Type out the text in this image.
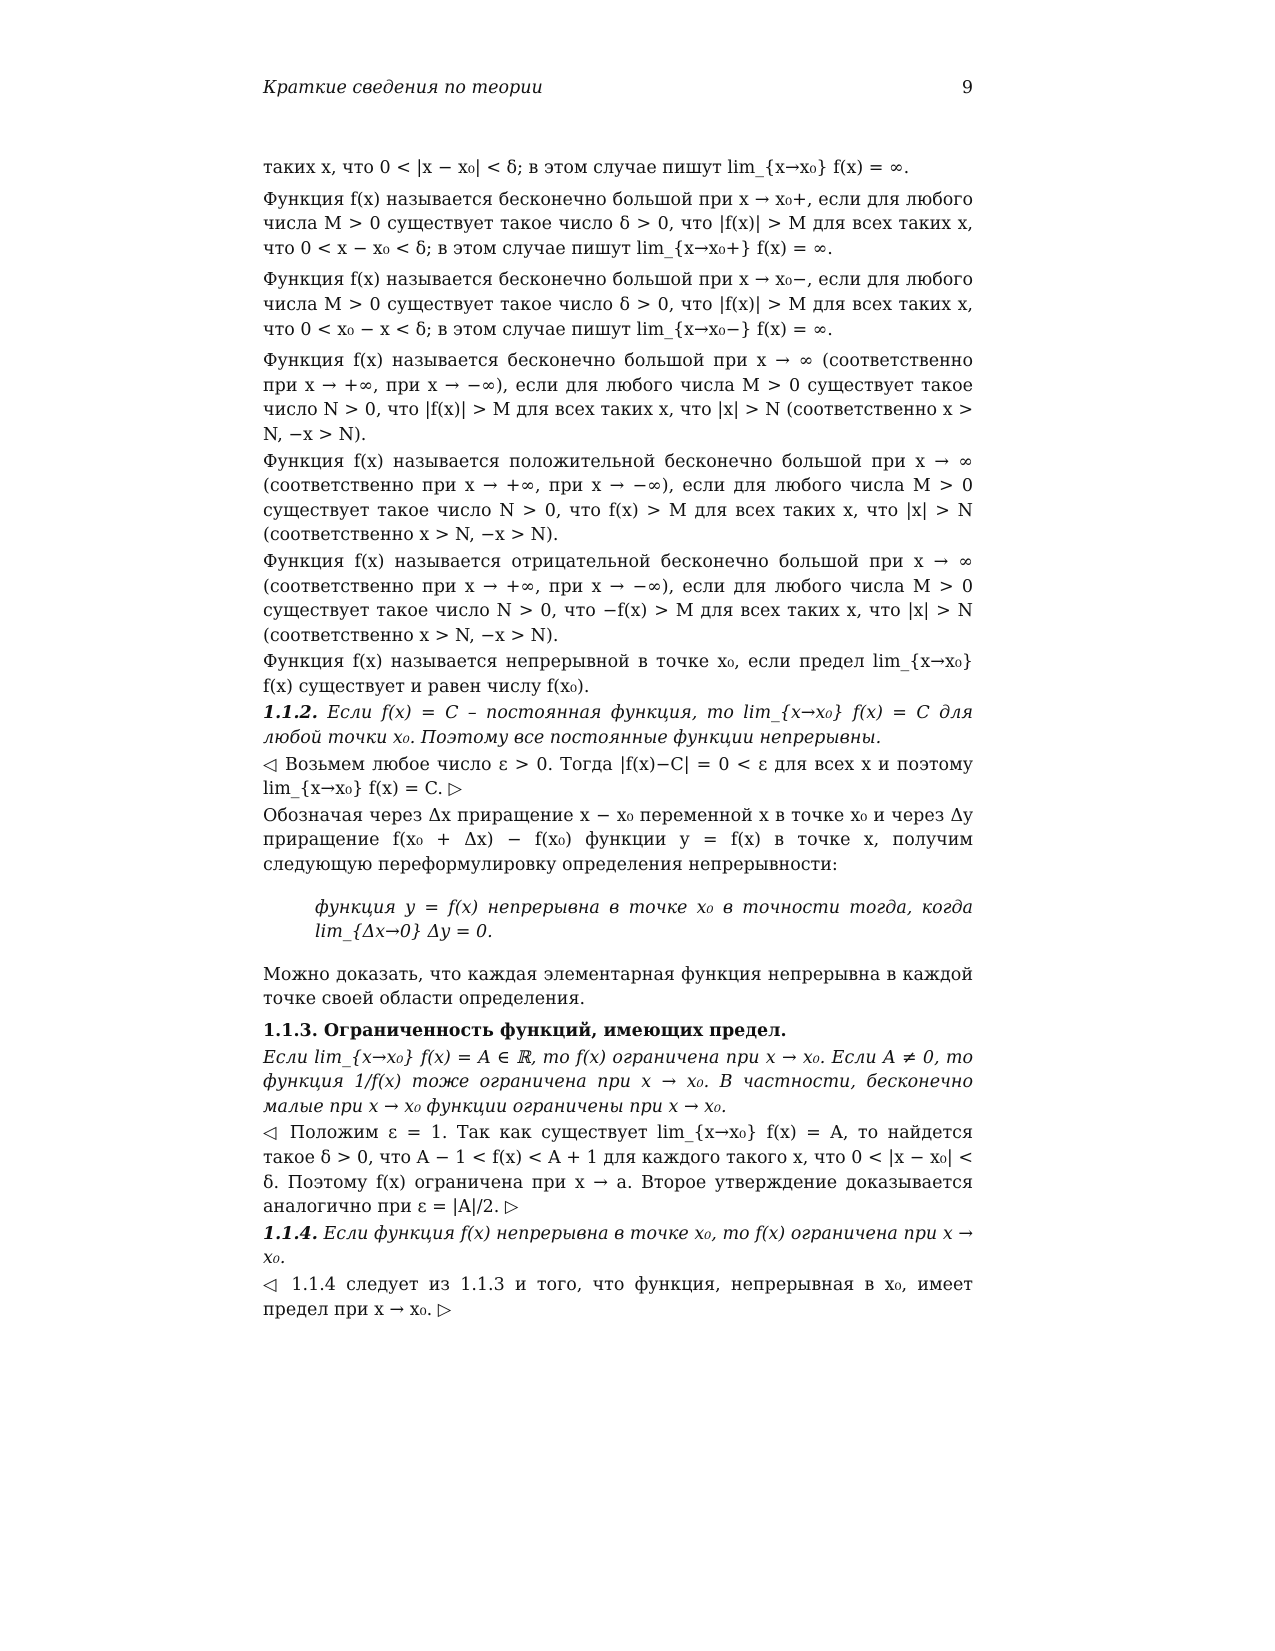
Краткие сведения по теории	9

таких x, что 0 < |x − x₀| < δ; в этом случае пишут lim_{x→x₀} f(x) = ∞.

Функция f(x) называется бесконечно большой при x → x₀+, если для любого числа M > 0 существует такое число δ > 0, что |f(x)| > M для всех таких x, что 0 < x − x₀ < δ; в этом случае пишут lim_{x→x₀+} f(x) = ∞.

Функция f(x) называется бесконечно большой при x → x₀−, если для любого числа M > 0 существует такое число δ > 0, что |f(x)| > M для всех таких x, что 0 < x₀ − x < δ; в этом случае пишут lim_{x→x₀−} f(x) = ∞.

Функция f(x) называется бесконечно большой при x → ∞ (соответственно при x → +∞, при x → −∞), если для любого числа M > 0 существует такое число N > 0, что |f(x)| > M для всех таких x, что |x| > N (соответственно x > N, −x > N).

Функция f(x) называется положительной бесконечно большой при x → ∞ (соответственно при x → +∞, при x → −∞), если для любого числа M > 0 существует такое число N > 0, что f(x) > M для всех таких x, что |x| > N (соответственно x > N, −x > N).

Функция f(x) называется отрицательной бесконечно большой при x → ∞ (соответственно при x → +∞, при x → −∞), если для любого числа M > 0 существует такое число N > 0, что −f(x) > M для всех таких x, что |x| > N (соответственно x > N, −x > N).

Функция f(x) называется непрерывной в точке x₀, если предел lim_{x→x₀} f(x) существует и равен числу f(x₀).

1.1.2. Если f(x) = C – постоянная функция, то lim_{x→x₀} f(x) = C для любой точки x₀. Поэтому все постоянные функции непрерывны.

◁ Возьмем любое число ε > 0. Тогда |f(x)−C| = 0 < ε для всех x и поэтому lim_{x→x₀} f(x) = C. ▷

Обозначая через Δx приращение x − x₀ переменной x в точке x₀ и через Δy приращение f(x₀ + Δx) − f(x₀) функции y = f(x) в точке x, получим следующую переформулировку определения непрерывности:

функция y = f(x) непрерывна в точке x₀ в точности тогда, когда lim_{Δx→0} Δy = 0.

Можно доказать, что каждая элементарная функция непрерывна в каждой точке своей области определения.

1.1.3. Ограниченность функций, имеющих предел.

Если lim_{x→x₀} f(x) = A ∈ ℝ, то f(x) ограничена при x → x₀. Если A ≠ 0, то функция 1/f(x) тоже ограничена при x → x₀. В частности, бесконечно малые при x → x₀ функции ограничены при x → x₀.

◁ Положим ε = 1. Так как существует lim_{x→x₀} f(x) = A, то найдется такое δ > 0, что A − 1 < f(x) < A + 1 для каждого такого x, что 0 < |x − x₀| < δ. Поэтому f(x) ограничена при x → a. Второе утверждение доказывается аналогично при ε = |A|/2. ▷

1.1.4. Если функция f(x) непрерывна в точке x₀, то f(x) ограничена при x → x₀.

◁ 1.1.4 следует из 1.1.3 и того, что функция, непрерывная в x₀, имеет предел при x → x₀. ▷
